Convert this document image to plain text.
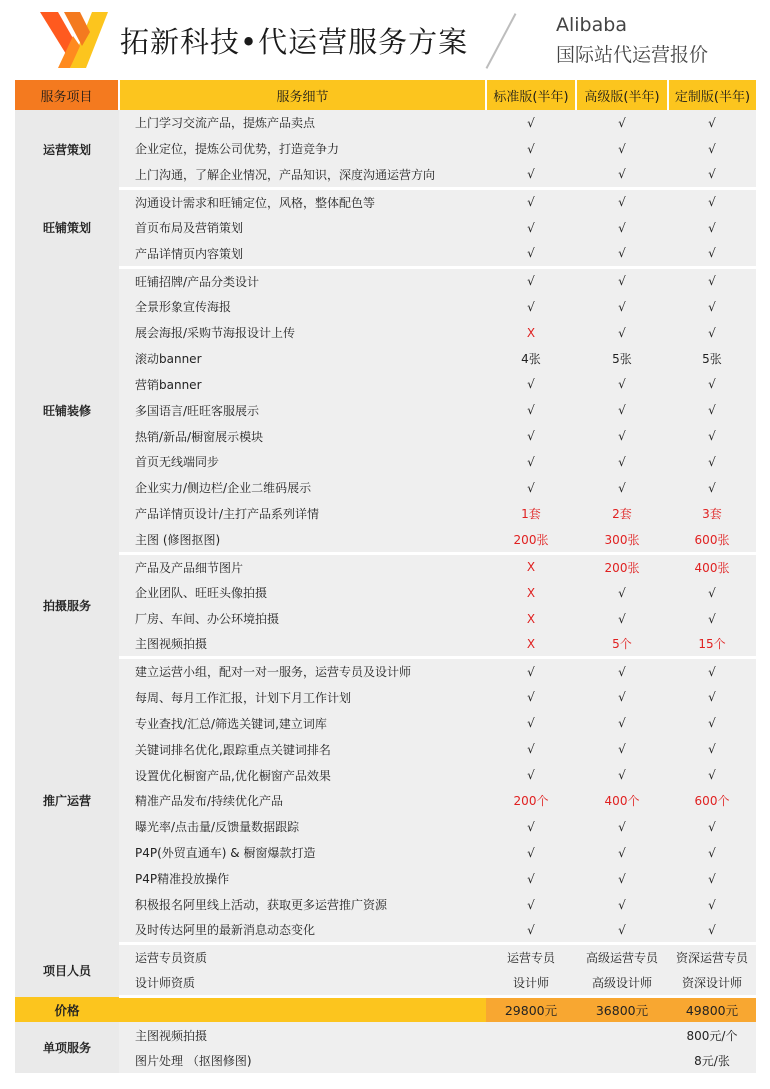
拓新科技•代运营服务方案	Alibaba
国际站代运营报价
服务项目	服务细节	标准版(半年)	高级版(半年)	定制版(半年)
运营策划	上门学习交流产品，提炼产品卖点	√	√	√
	企业定位，提炼公司优势，打造竞争力	√	√	√
	上门沟通，了解企业情况，产品知识，深度沟通运营方向	√	√	√
旺铺策划	沟通设计需求和旺铺定位，风格，整体配色等	√	√	√
	首页布局及营销策划	√	√	√
	产品详情页内容策划	√	√	√
旺铺装修	旺铺招牌/产品分类设计	√	√	√
	全景形象宣传海报	√	√	√
	展会海报/采购节海报设计上传	X	√	√
	滚动banner	4张	5张	5张
	营销banner	√	√	√
	多国语言/旺旺客服展示	√	√	√
	热销/新品/橱窗展示模块	√	√	√
	首页无线端同步	√	√	√
	企业实力/侧边栏/企业二维码展示	√	√	√
	产品详情页设计/主打产品系列详情	1套	2套	3套
	主图 (修图抠图)	200张	300张	600张
拍摄服务	产品及产品细节图片	X	200张	400张
	企业团队、旺旺头像拍摄	X	√	√
	厂房、车间、办公环境拍摄	X	√	√
	主图视频拍摄	X	5个	15个
推广运营	建立运营小组，配对一对一服务，运营专员及设计师	√	√	√
	每周、每月工作汇报，计划下月工作计划	√	√	√
	专业查找/汇总/筛选关键词,建立词库	√	√	√
	关键词排名优化,跟踪重点关键词排名	√	√	√
	设置优化橱窗产品,优化橱窗产品效果	√	√	√
	精准产品发布/持续优化产品	200个	400个	600个
	曝光率/点击量/反馈量数据跟踪	√	√	√
	P4P(外贸直通车) & 橱窗爆款打造	√	√	√
	P4P精准投放操作	√	√	√
	积极报名阿里线上活动，获取更多运营推广资源	√	√	√
	及时传达阿里的最新消息动态变化	√	√	√
项目人员	运营专员资质	运营专员	高级运营专员	资深运营专员
	设计师资质	设计师	高级设计师	资深设计师
价格		29800元	36800元	49800元
单项服务	主图视频拍摄			800元/个
	图片处理 （抠图修图)			8元/张
